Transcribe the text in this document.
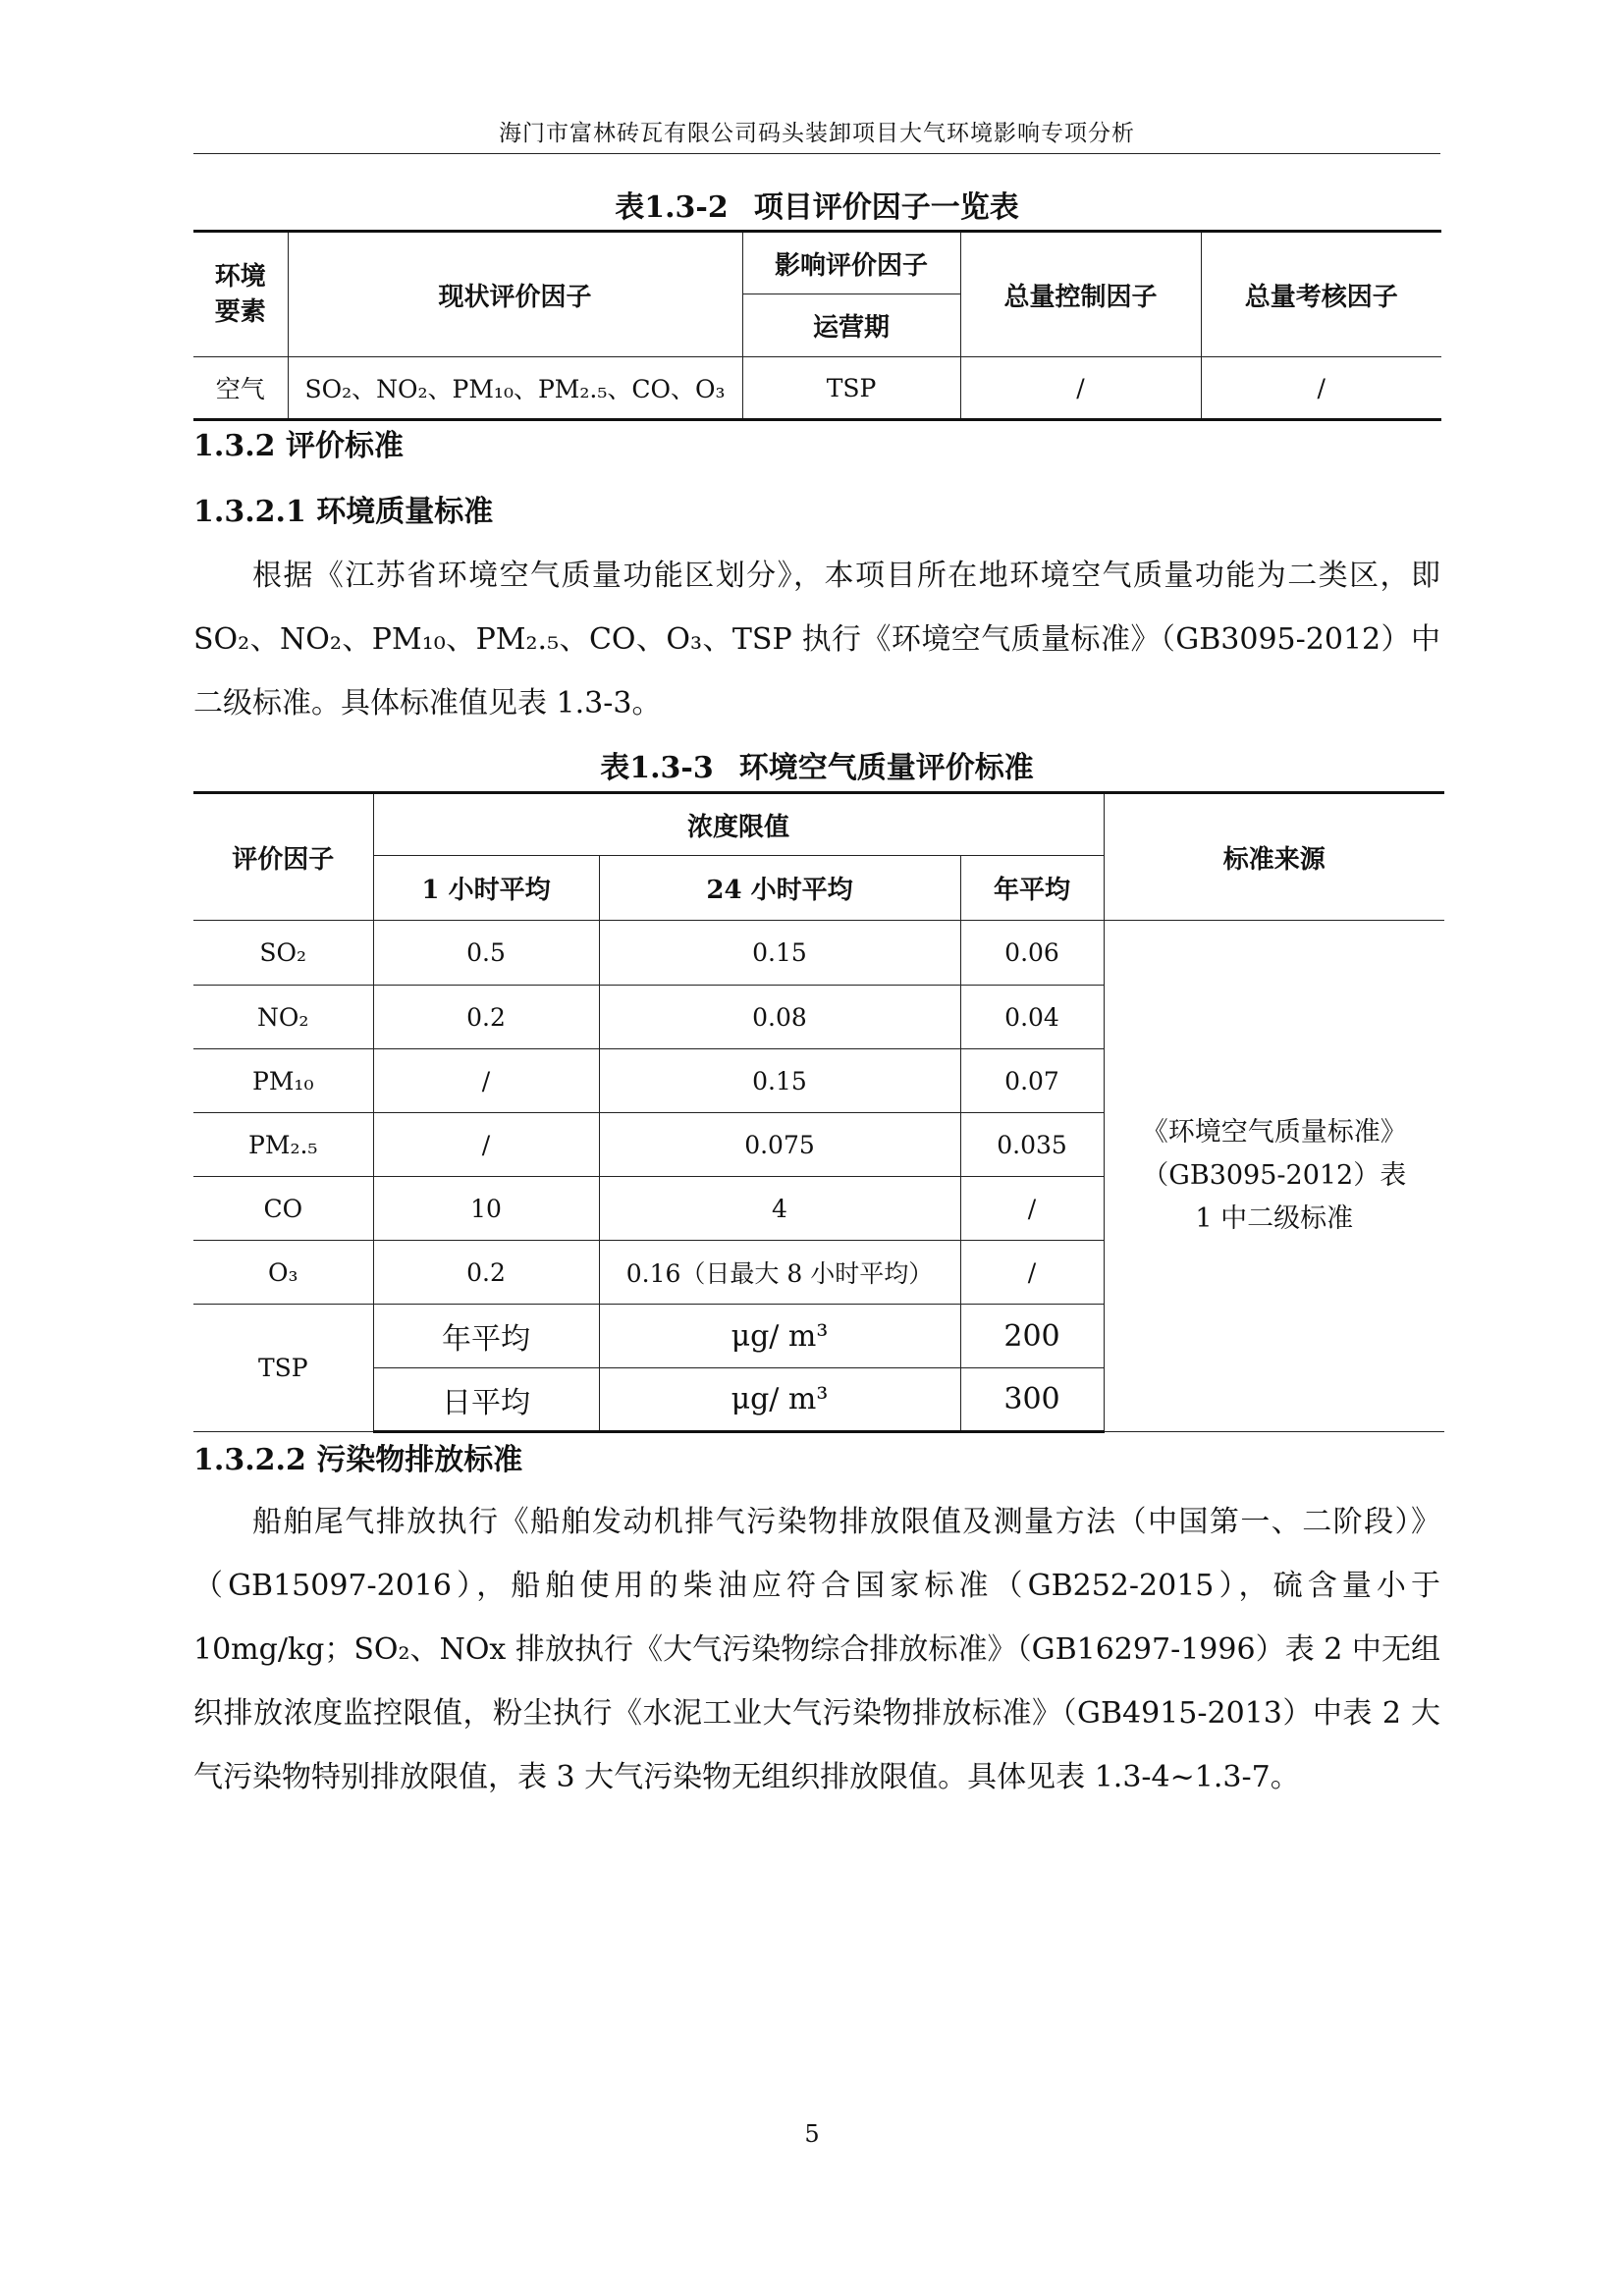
海门市富林砖瓦有限公司码头装卸项目大气环境影响专项分析
表1.3-2 项目评价因子一览表
环境
要素	现状评价因子	影响评价因子	总量控制因子	总量考核因子
		运营期		
空气	SO₂、NO₂、PM₁₀、PM₂.₅、CO、O₃	TSP	/	/
1.3.2 评价标准
1.3.2.1 环境质量标准
根据《江苏省环境空气质量功能区划分》，本项目所在地环境空气质量功能为二类区，即 SO₂、NO₂、PM₁₀、PM₂.₅、CO、O₃、TSP 执行《环境空气质量标准》（GB3095-2012）中二级标准。具体标准值见表 1.3-3。
表1.3-3 环境空气质量评价标准
评价因子	浓度限值			标准来源
	1 小时平均	24 小时平均	年平均	
SO₂	0.5	0.15	0.06	《环境空气质量标准》（GB3095-2012）表 1 中二级标准
NO₂	0.2	0.08	0.04	
PM₁₀	/	0.15	0.07	
PM₂.₅	/	0.075	0.035	
CO	10	4	/	
O₃	0.2	0.16（日最大 8 小时平均）	/	
TSP	年平均	μg/ m³	200	
	日平均	μg/ m³	300	
1.3.2.2 污染物排放标准
船舶尾气排放执行《船舶发动机排气污染物排放限值及测量方法（中国第一、二阶段）》（GB15097-2016），船舶使用的柴油应符合国家标准（GB252-2015），硫含量小于 10mg/kg；SO₂、NOx 排放执行《大气污染物综合排放标准》（GB16297-1996）表 2 中无组织排放浓度监控限值，粉尘执行《水泥工业大气污染物排放标准》（GB4915-2013）中表 2 大气污染物特别排放限值，表 3 大气污染物无组织排放限值。具体见表 1.3-4~1.3-7。
5
